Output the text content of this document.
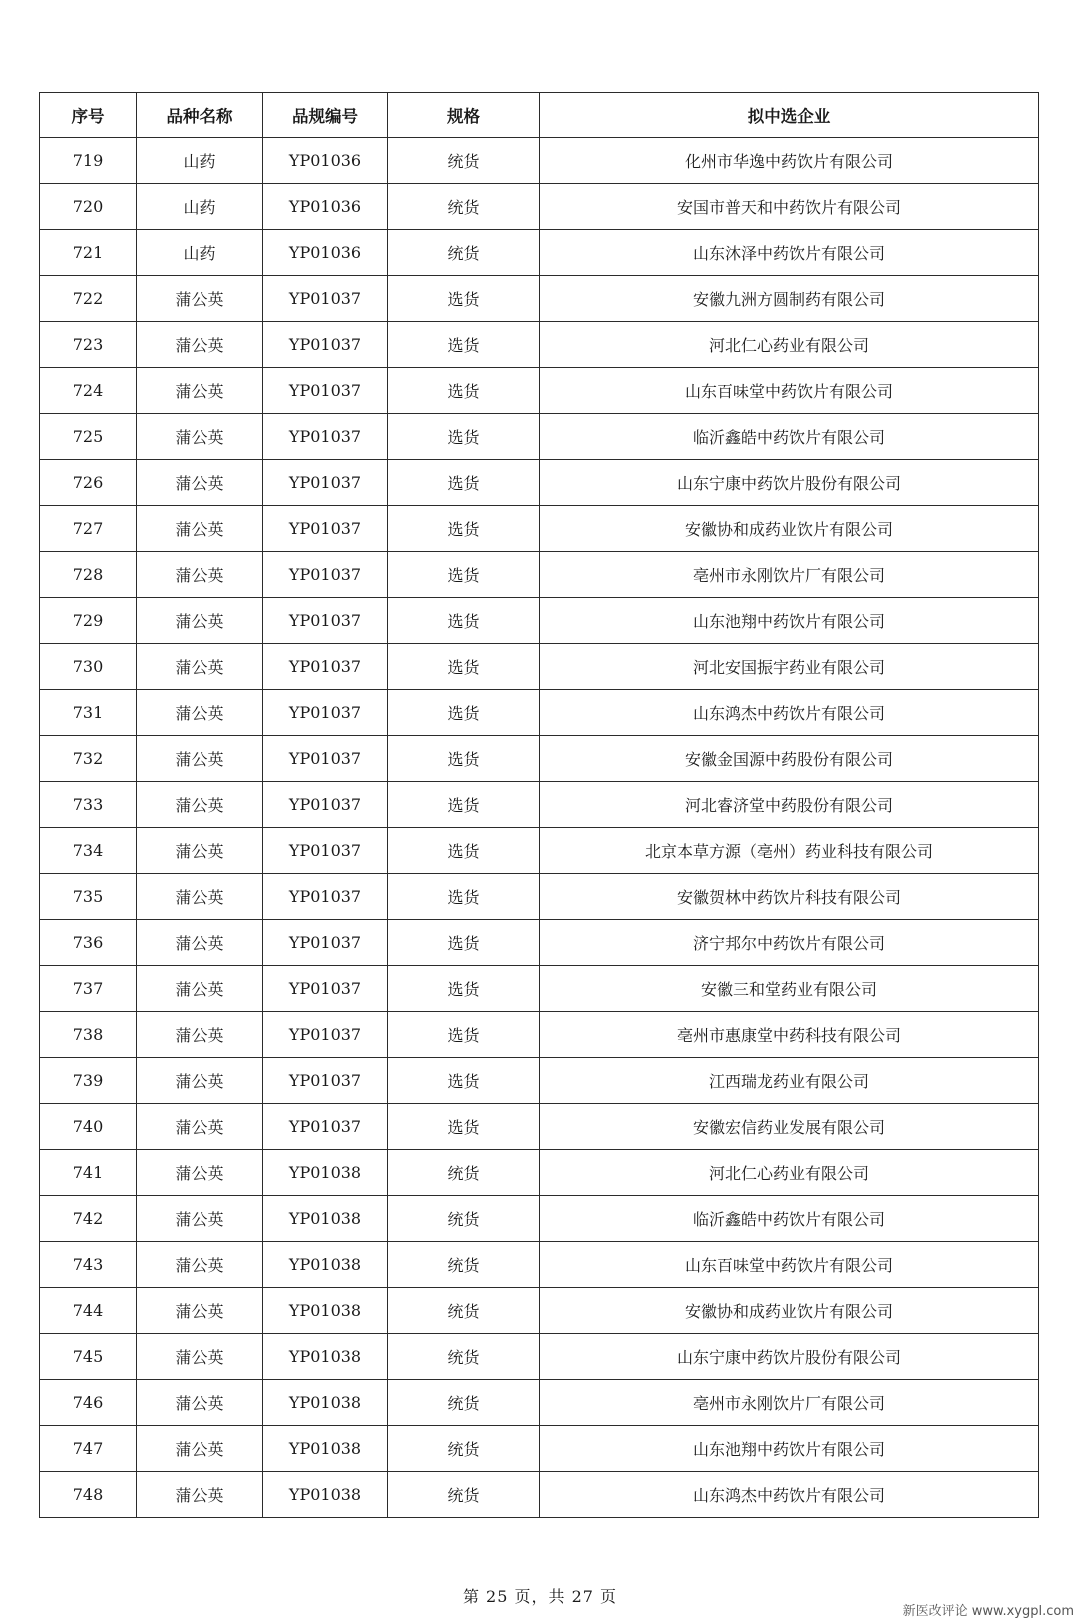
序号	品种名称	品规编号	规格	拟中选企业
719	山药	YP01036	统货	化州市华逸中药饮片有限公司
720	山药	YP01036	统货	安国市普天和中药饮片有限公司
721	山药	YP01036	统货	山东沐泽中药饮片有限公司
722	蒲公英	YP01037	选货	安徽九洲方圆制药有限公司
723	蒲公英	YP01037	选货	河北仁心药业有限公司
724	蒲公英	YP01037	选货	山东百味堂中药饮片有限公司
725	蒲公英	YP01037	选货	临沂鑫皓中药饮片有限公司
726	蒲公英	YP01037	选货	山东宁康中药饮片股份有限公司
727	蒲公英	YP01037	选货	安徽协和成药业饮片有限公司
728	蒲公英	YP01037	选货	亳州市永刚饮片厂有限公司
729	蒲公英	YP01037	选货	山东池翔中药饮片有限公司
730	蒲公英	YP01037	选货	河北安国振宇药业有限公司
731	蒲公英	YP01037	选货	山东鸿杰中药饮片有限公司
732	蒲公英	YP01037	选货	安徽金国源中药股份有限公司
733	蒲公英	YP01037	选货	河北睿济堂中药股份有限公司
734	蒲公英	YP01037	选货	北京本草方源（亳州）药业科技有限公司
735	蒲公英	YP01037	选货	安徽贺林中药饮片科技有限公司
736	蒲公英	YP01037	选货	济宁邦尔中药饮片有限公司
737	蒲公英	YP01037	选货	安徽三和堂药业有限公司
738	蒲公英	YP01037	选货	亳州市惠康堂中药科技有限公司
739	蒲公英	YP01037	选货	江西瑞龙药业有限公司
740	蒲公英	YP01037	选货	安徽宏信药业发展有限公司
741	蒲公英	YP01038	统货	河北仁心药业有限公司
742	蒲公英	YP01038	统货	临沂鑫皓中药饮片有限公司
743	蒲公英	YP01038	统货	山东百味堂中药饮片有限公司
744	蒲公英	YP01038	统货	安徽协和成药业饮片有限公司
745	蒲公英	YP01038	统货	山东宁康中药饮片股份有限公司
746	蒲公英	YP01038	统货	亳州市永刚饮片厂有限公司
747	蒲公英	YP01038	统货	山东池翔中药饮片有限公司
748	蒲公英	YP01038	统货	山东鸿杰中药饮片有限公司
第 25 页，共 27 页
新医改评论 www.xygpl.com
